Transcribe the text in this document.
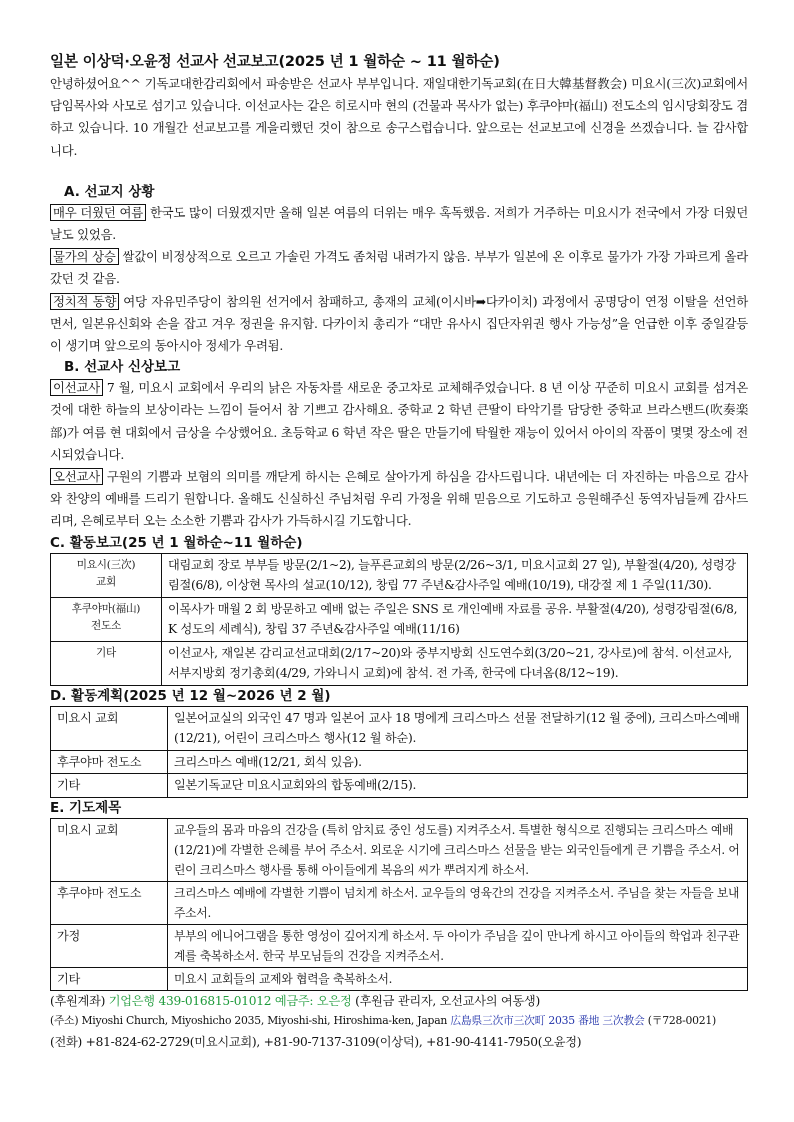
일본 이상덕·오윤정 선교사 선교보고(2025 년 1 월하순 ~ 11 월하순)

안녕하셨어요^^ 기독교대한감리회에서 파송받은 선교사 부부입니다. 재일대한기독교회(在日大韓基督教会) 미요시(三次)교회에서 담임목사와 사모로 섬기고 있습니다. 이선교사는 같은 히로시마 현의 (건물과 목사가 없는) 후쿠야마(福山) 전도소의 임시당회장도 겸하고 있습니다. 10 개월간 선교보고를 게을리했던 것이 참으로 송구스럽습니다. 앞으로는 선교보고에 신경을 쓰겠습니다. 늘 감사합니다.

A. 선교지 상황

매우 더웠던 여름 한국도 많이 더웠겠지만 올해 일본 여름의 더위는 매우 혹독했음. 저희가 거주하는 미요시가 전국에서 가장 더웠던 날도 있었음.

물가의 상승 쌀값이 비정상적으로 오르고 가솔린 가격도 좀처럼 내려가지 않음. 부부가 일본에 온 이후로 물가가 가장 가파르게 올라갔던 것 같음.

정치적 동향 여당 자유민주당이 참의원 선거에서 참패하고, 총재의 교체(이시바➡다카이치) 과정에서 공명당이 연정 이탈을 선언하면서, 일본유신회와 손을 잡고 겨우 정권을 유지함. 다카이치 총리가 “대만 유사시 집단자위권 행사 가능성”을 언급한 이후 중일갈등이 생기며 앞으로의 동아시아 정세가 우려됨.

B. 선교사 신상보고

이선교사 7 월, 미요시 교회에서 우리의 낡은 자동차를 새로운 중고차로 교체해주었습니다. 8 년 이상 꾸준히 미요시 교회를 섬겨온 것에 대한 하늘의 보상이라는 느낌이 들어서 참 기쁘고 감사해요. 중학교 2 학년 큰딸이 타악기를 담당한 중학교 브라스밴드(吹奏楽部)가 여름 현 대회에서 금상을 수상했어요. 초등학교 6 학년 작은 딸은 만들기에 탁월한 재능이 있어서 아이의 작품이 몇몇 장소에 전시되었습니다.

오선교사 구원의 기쁨과 보혐의 의미를 깨닫게 하시는 은혜로 살아가게 하심을 감사드립니다. 내년에는 더 자진하는 마음으로 감사와 찬양의 예배를 드리기 원합니다. 올해도 신실하신 주님처럼 우리 가정을 위해 믿음으로 기도하고 응원해주신 동역자님들께 감사드리며, 은혜로부터 오는 소소한 기쁨과 감사가 가득하시길 기도합니다.

C. 활동보고(25 년 1 월하순~11 월하순)

미요시(三次)
교회	대림교회 장로 부부들 방문(2/1~2), 늘푸른교회의 방문(2/26~3/1, 미요시교회 27 일), 부활절(4/20), 성령강림절(6/8), 이상현 목사의 설교(10/12), 창립 77 주년&감사주일 예배(10/19), 대강절 제 1 주일(11/30).
후쿠야마(福山)
전도소	이목사가 매월 2 회 방문하고 예배 없는 주일은 SNS 로 개인예배 자료를 공유. 부활절(4/20), 성령강림절(6/8, K 성도의 세례식), 창립 37 주년&감사주일 예배(11/16)
기타	이선교사, 재일본 감리교선교대회(2/17~20)와 중부지방회 신도연수회(3/20~21, 강사로)에 참석. 이선교사, 서부지방회 정기총회(4/29, 가와니시 교회)에 참석. 전 가족, 한국에 다녀옴(8/12~19).

D. 활동계획(2025 년 12 월~2026 년 2 월)

미요시 교회	일본어교실의 외국인 47 명과 일본어 교사 18 명에게 크리스마스 선물 전달하기(12 월 중에), 크리스마스예배(12/21), 어린이 크리스마스 행사(12 월 하순).
후쿠야마 전도소	크리스마스 예배(12/21, 회식 있음).
기타	일본기독교단 미요시교회와의 합동예배(2/15).

E. 기도제목

미요시 교회	교우들의 몸과 마음의 건강을 (특히 암치료 중인 성도를) 지켜주소서. 특별한 형식으로 진행되는 크리스마스 예배(12/21)에 각별한 은혜를 부어 주소서. 외로운 시기에 크리스마스 선물을 받는 외국인들에게 큰 기쁨을 주소서. 어린이 크리스마스 행사를 통해 아이들에게 복음의 씨가 뿌려지게 하소서.
후쿠야마 전도소	크리스마스 예배에 각별한 기쁨이 넘치게 하소서. 교우들의 영육간의 건강을 지켜주소서. 주님을 찾는 자들을 보내주소서.
가정	부부의 에니어그램을 통한 영성이 깊어지게 하소서. 두 아이가 주님을 깊이 만나게 하시고 아이들의 학업과 친구관계를 축복하소서. 한국 부모님들의 건강을 지켜주소서.
기타	미요시 교회들의 교제와 협력을 축복하소서.
(후원계좌) 기업은행 439-016815-01012 예금주: 오은정 (후원금 관리자, 오선교사의 여동생)
(주소) Miyoshi Church, Miyoshicho 2035, Miyoshi-shi, Hiroshima-ken, Japan 広島県三次市三次町 2035 番地 三次教会 (〒728-0021)
(전화) +81-824-62-2729(미요시교회), +81-90-7137-3109(이상덕), +81-90-4141-7950(오윤정)
